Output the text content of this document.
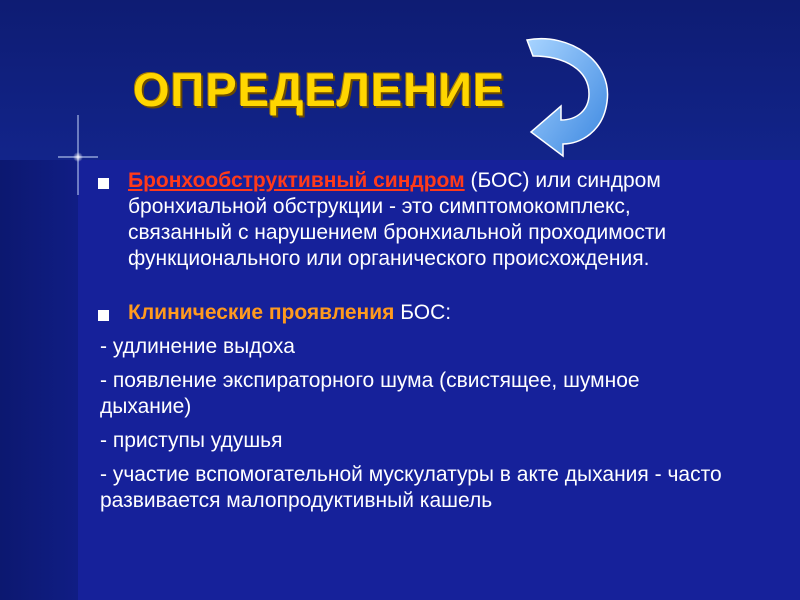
ОПРЕДЕЛЕНИЕ
Бронхообструктивный синдром (БОС) или синдром бронхиальной обструкции - это симптомокомплекс, связанный с нарушением бронхиальной проходимости функционального или органического происхождения.
Клинические проявления БОС:
- удлинение выдоха
- появление экспираторного шума (свистящее, шумное дыхание)
- приступы удушья
- участие вспомогательной мускулатуры в акте дыхания - часто развивается малопродуктивный кашель
